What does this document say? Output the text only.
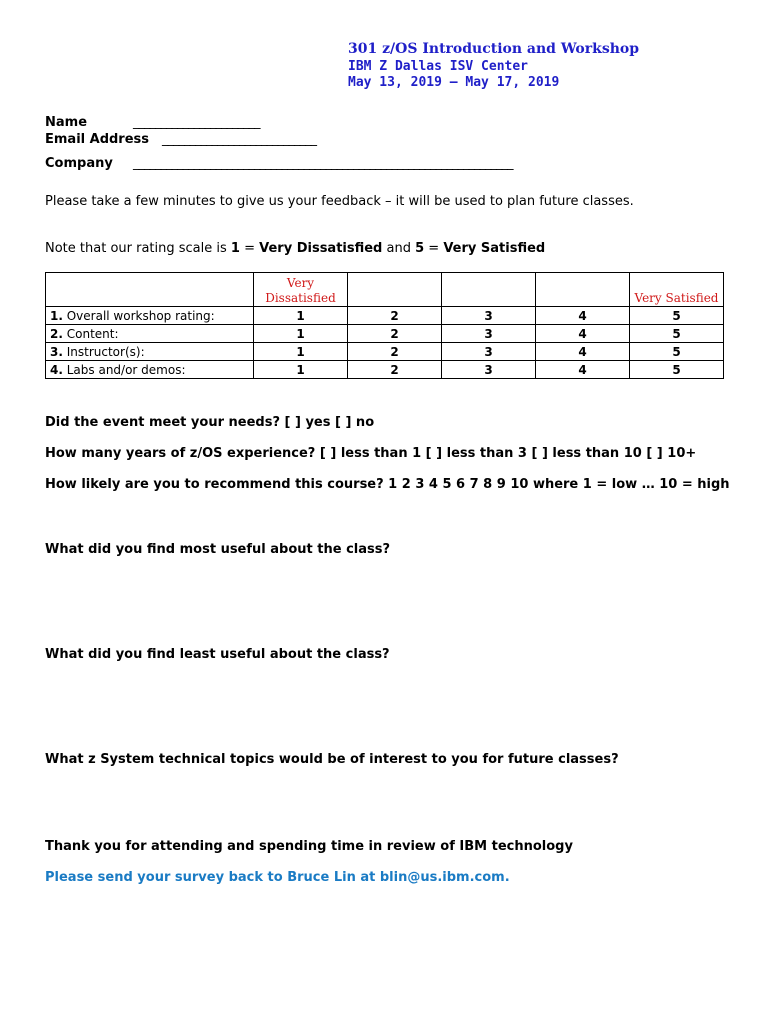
301 z/OS Introduction and Workshop
IBM Z Dallas ISV Center
May 13, 2019 – May 17, 2019
Name	_______________________
Email Address ____________________________
Company _____________________________________________________________________
Please take a few minutes to give us your feedback – it will be used to plan future classes.
Note that our rating scale is 1 = Very Dissatisfied and 5 = Very Satisfied
	Very Dissatisfied				Very Satisfied
1. Overall workshop rating:	1	2	3	4	5
2. Content:	1	2	3	4	5
3. Instructor(s):	1	2	3	4	5
4. Labs and/or demos:	1	2	3	4	5
Did the event meet your needs? [ ] yes [ ] no
How many years of z/OS experience? [ ] less than 1 [ ] less than 3 [ ] less than 10 [ ] 10+
How likely are you to recommend this course? 1 2 3 4 5 6 7 8 9 10 where 1 = low … 10 = high
What did you find most useful about the class?
What did you find least useful about the class?
What z System technical topics would be of interest to you for future classes?
Thank you for attending and spending time in review of IBM technology
Please send your survey back to Bruce Lin at blin@us.ibm.com.
